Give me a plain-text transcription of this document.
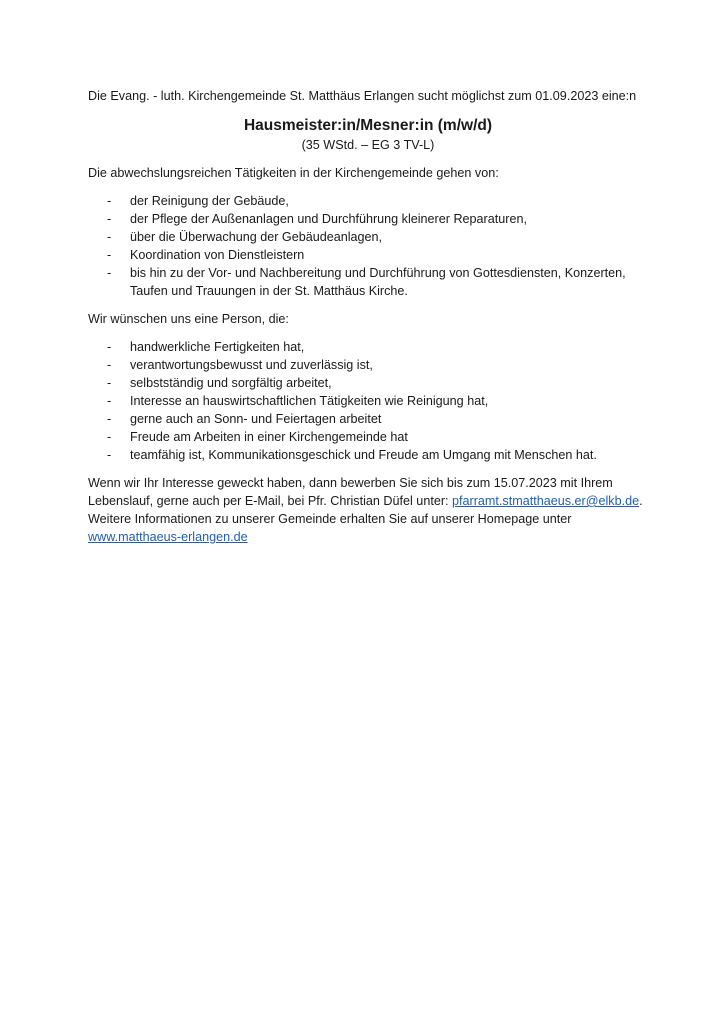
Die Evang. - luth. Kirchengemeinde St. Matthäus Erlangen sucht möglichst zum 01.09.2023 eine:n

Hausmeister:in/Mesner:in (m/w/d)

(35 WStd. – EG 3 TV-L)

Die abwechslungsreichen Tätigkeiten in der Kirchengemeinde gehen von:

- der Reinigung der Gebäude,
- der Pflege der Außenanlagen und Durchführung kleinerer Reparaturen,
- über die Überwachung der Gebäudeanlagen,
- Koordination von Dienstleistern
- bis hin zu der Vor- und Nachbereitung und Durchführung von Gottesdiensten, Konzerten, Taufen und Trauungen in der St. Matthäus Kirche.

Wir wünschen uns eine Person, die:

- handwerkliche Fertigkeiten hat,
- verantwortungsbewusst und zuverlässig ist,
- selbstständig und sorgfältig arbeitet,
- Interesse an hauswirtschaftlichen Tätigkeiten wie Reinigung hat,
- gerne auch an Sonn- und Feiertagen arbeitet
- Freude am Arbeiten in einer Kirchengemeinde hat
- teamfähig ist, Kommunikationsgeschick und Freude am Umgang mit Menschen hat.

Wenn wir Ihr Interesse geweckt haben, dann bewerben Sie sich bis zum 15.07.2023 mit Ihrem Lebenslauf, gerne auch per E-Mail, bei Pfr. Christian Düfel unter: pfarramt.stmatthaeus.er@elkb.de.
Weitere Informationen zu unserer Gemeinde erhalten Sie auf unserer Homepage unter
www.matthaeus-erlangen.de
